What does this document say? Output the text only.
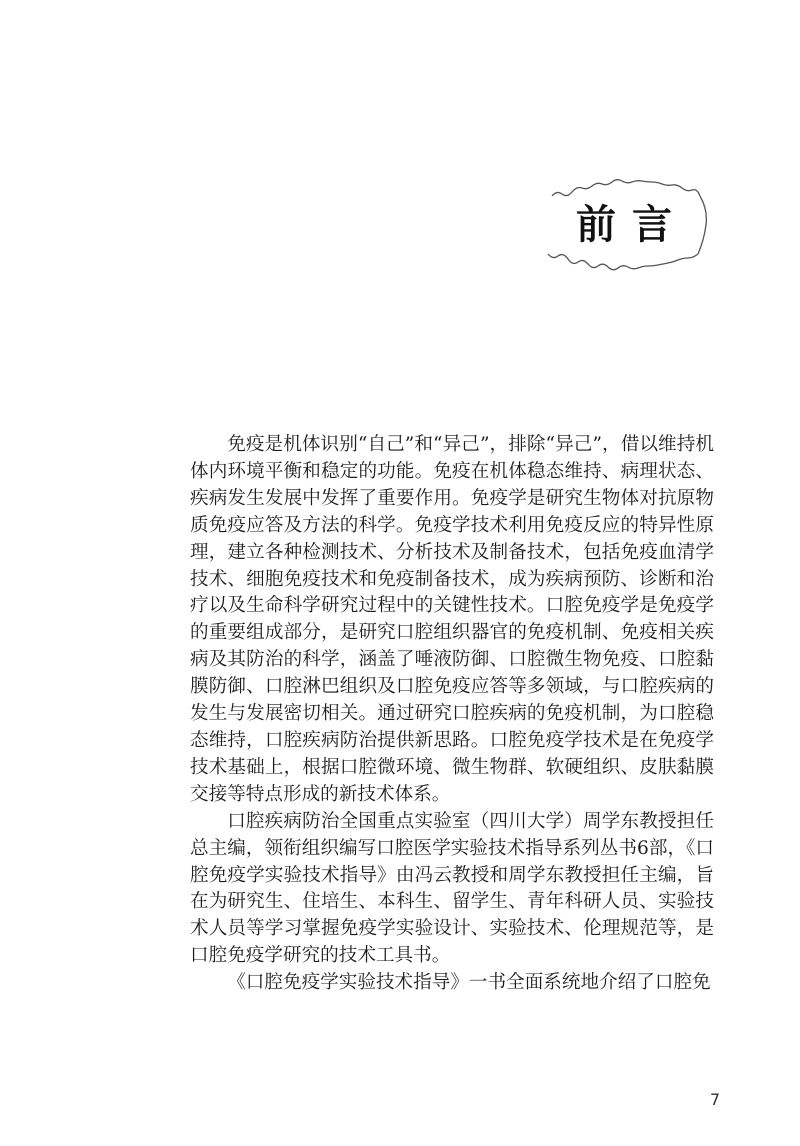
前言

免疫是机体识别“自己”和“异己”，排除“异己”，借以维持机体内环境平衡和稳定的功能。免疫在机体稳态维持、病理状态、疾病发生发展中发挥了重要作用。免疫学是研究生物体对抗原物质免疫应答及方法的科学。免疫学技术利用免疫反应的特异性原理，建立各种检测技术、分析技术及制备技术，包括免疫血清学技术、细胞免疫技术和免疫制备技术，成为疾病预防、诊断和治疗以及生命科学研究过程中的关键性技术。口腔免疫学是免疫学的重要组成部分，是研究口腔组织器官的免疫机制、免疫相关疾病及其防治的科学，涵盖了唾液防御、口腔微生物免疫、口腔黏膜防御、口腔淋巴组织及口腔免疫应答等多领域，与口腔疾病的发生与发展密切相关。通过研究口腔疾病的免疫机制，为口腔稳态维持，口腔疾病防治提供新思路。口腔免疫学技术是在免疫学技术基础上，根据口腔微环境、微生物群、软硬组织、皮肤黏膜交接等特点形成的新技术体系。

口腔疾病防治全国重点实验室（四川大学）周学东教授担任总主编，领衔组织编写口腔医学实验技术指导系列丛书6部，《口腔免疫学实验技术指导》由冯云教授和周学东教授担任主编，旨在为研究生、住培生、本科生、留学生、青年科研人员、实验技术人员等学习掌握免疫学实验设计、实验技术、伦理规范等，是口腔免疫学研究的技术工具书。

《口腔免疫学实验技术指导》一书全面系统地介绍了口腔免

7
